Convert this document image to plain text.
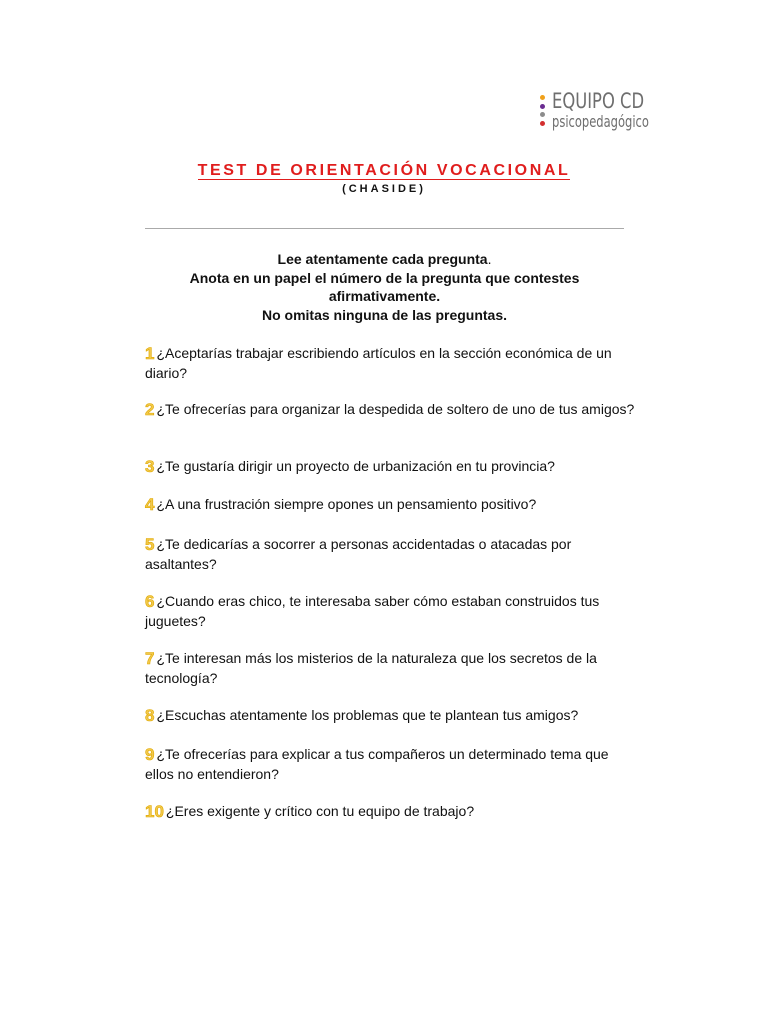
EQUIPO CD
psicopedagógico
TEST DE ORIENTACIÓN VOCACIONAL
(CHASIDE)
Lee atentamente cada pregunta.
Anota en un papel el número de la pregunta que contestes
afirmativamente.
No omitas ninguna de las preguntas.
1 ¿Aceptarías trabajar escribiendo artículos en la sección económica de un diario?
2 ¿Te ofrecerías para organizar la despedida de soltero de uno de tus amigos?
3 ¿Te gustaría dirigir un proyecto de urbanización en tu provincia?
4 ¿A una frustración siempre opones un pensamiento positivo?
5 ¿Te dedicarías a socorrer a personas accidentadas o atacadas por asaltantes?
6 ¿Cuando eras chico, te interesaba saber cómo estaban construidos tus juguetes?
7 ¿Te interesan más los misterios de la naturaleza que los secretos de la tecnología?
8 ¿Escuchas atentamente los problemas que te plantean tus amigos?
9 ¿Te ofrecerías para explicar a tus compañeros un determinado tema que ellos no entendieron?
10 ¿Eres exigente y crítico con tu equipo de trabajo?
